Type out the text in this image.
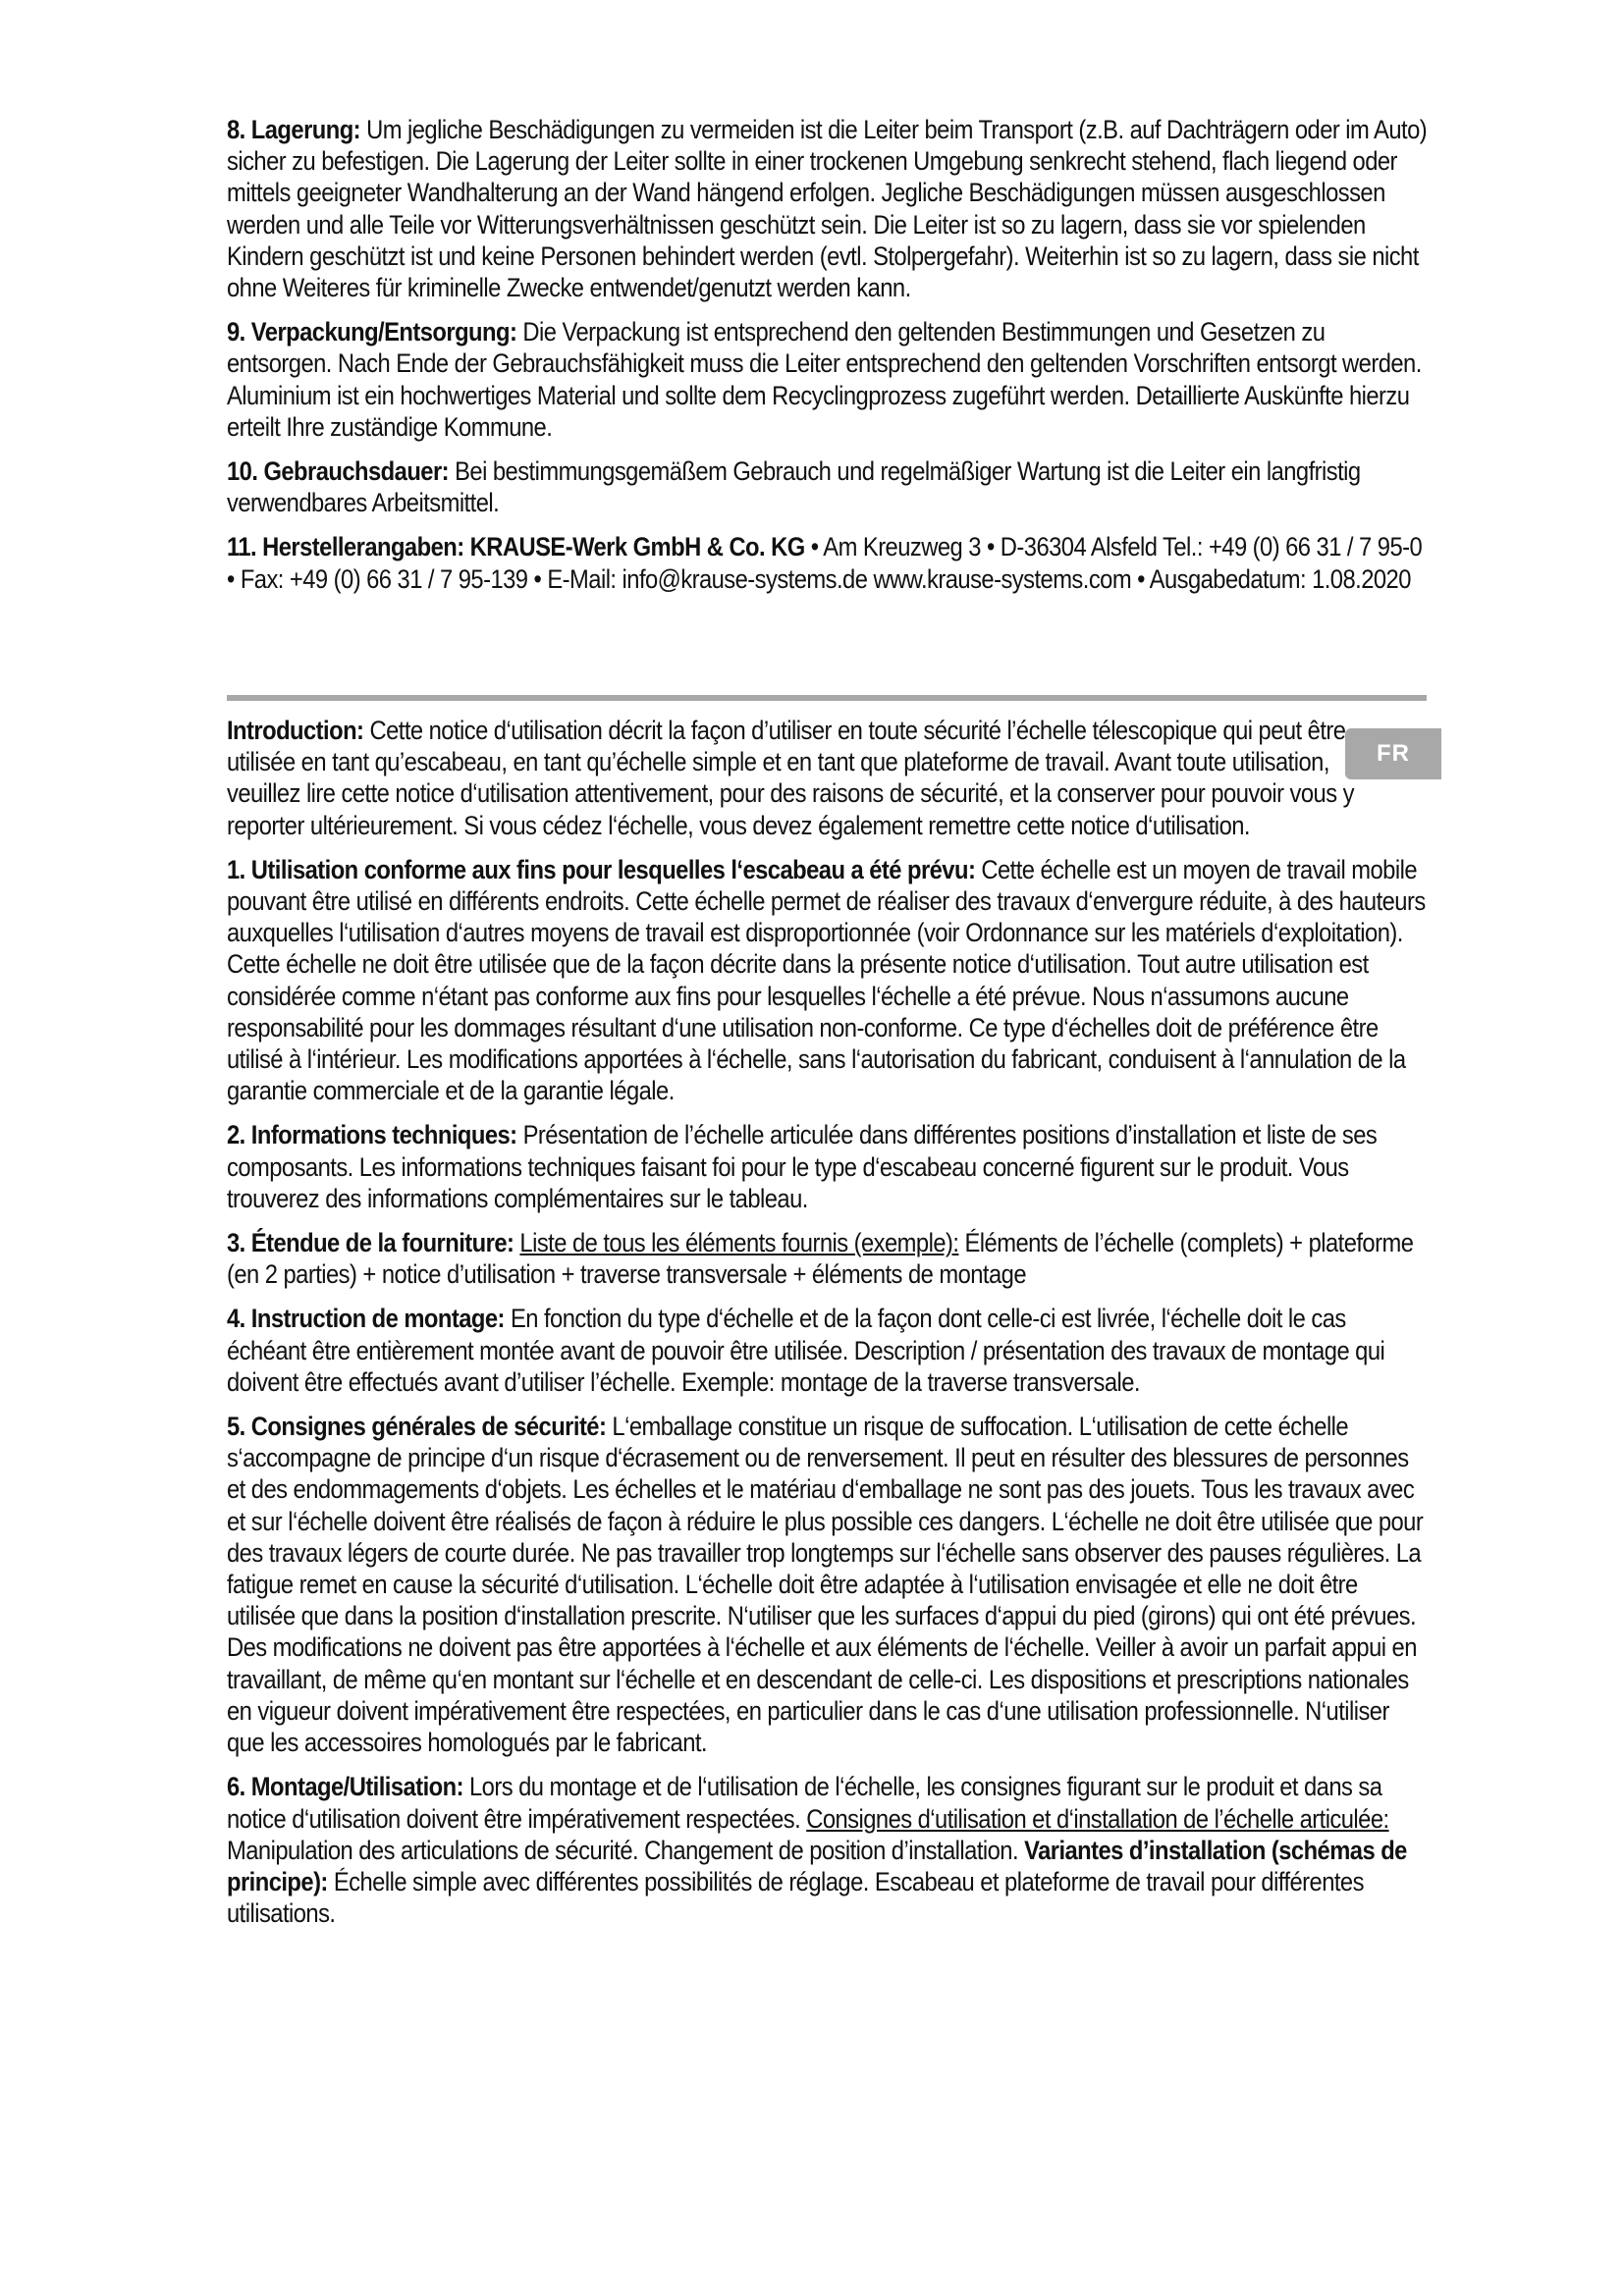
8. Lagerung: Um jegliche Beschädigungen zu vermeiden ist die Leiter beim Transport (z.B. auf Dachträgern oder im Auto) sicher zu befestigen. Die Lagerung der Leiter sollte in einer trockenen Umgebung senkrecht stehend, flach liegend oder mittels geeigneter Wandhalterung an der Wand hängend erfolgen. Jegliche Beschädigungen müssen ausgeschlossen werden und alle Teile vor Witterungsverhältnissen geschützt sein. Die Leiter ist so zu lagern, dass sie vor spielenden Kindern geschützt ist und keine Personen behindert werden (evtl. Stolpergefahr). Weiterhin ist so zu lagern, dass sie nicht ohne Weiteres für kriminelle Zwecke entwendet/genutzt werden kann.

9. Verpackung/Entsorgung: Die Verpackung ist entsprechend den geltenden Bestimmungen und Gesetzen zu entsorgen. Nach Ende der Gebrauchsfähigkeit muss die Leiter entsprechend den geltenden Vorschriften entsorgt werden. Aluminium ist ein hochwertiges Material und sollte dem Recyclingprozess zugeführt werden. Detaillierte Auskünfte hierzu erteilt Ihre zuständige Kommune.

10. Gebrauchsdauer: Bei bestimmungsgemäßem Gebrauch und regelmäßiger Wartung ist die Leiter ein langfristig verwendbares Arbeitsmittel.

11. Herstellerangaben: KRAUSE-Werk GmbH & Co. KG • Am Kreuzweg 3 • D-36304 Alsfeld Tel.: +49 (0) 66 31 / 7 95-0 • Fax: +49 (0) 66 31 / 7 95-139 • E-Mail: info@krause-systems.de www.krause-systems.com • Ausgabedatum: 1.08.2020

FR

Introduction: Cette notice d‘utilisation décrit la façon d’utiliser en toute sécurité l’échelle télescopique qui peut être utilisée en tant qu’escabeau, en tant qu’échelle simple et en tant que plateforme de travail. Avant toute utilisation, veuillez lire cette notice d‘utilisation attentivement, pour des raisons de sécurité, et la conserver pour pouvoir vous y reporter ultérieurement. Si vous cédez l‘échelle, vous devez également remettre cette notice d‘utilisation.

1. Utilisation conforme aux fins pour lesquelles l‘escabeau a été prévu: Cette échelle est un moyen de travail mobile pouvant être utilisé en différents endroits. Cette échelle permet de réaliser des travaux d‘envergure réduite, à des hauteurs auxquelles l‘utilisation d‘autres moyens de travail est disproportionnée (voir Ordonnance sur les matériels d‘exploitation). Cette échelle ne doit être utilisée que de la façon décrite dans la présente notice d‘utilisation. Tout autre utilisation est considérée comme n‘étant pas conforme aux fins pour lesquelles l‘échelle a été prévue. Nous n‘assumons aucune responsabilité pour les dommages résultant d‘une utilisation non-conforme. Ce type d‘échelles doit de préférence être utilisé à l‘intérieur. Les modifications apportées à l‘échelle, sans l‘autorisation du fabricant, conduisent à l‘annulation de la garantie commerciale et de la garantie légale.

2. Informations techniques: Présentation de l’échelle articulée dans différentes positions d’installation et liste de ses composants. Les informations techniques faisant foi pour le type d‘escabeau concerné figurent sur le produit. Vous trouverez des informations complémentaires sur le tableau.

3. Étendue de la fourniture: Liste de tous les éléments fournis (exemple): Éléments de l’échelle (complets) + plateforme (en 2 parties) + notice d’utilisation + traverse transversale + éléments de montage

4. Instruction de montage: En fonction du type d‘échelle et de la façon dont celle-ci est livrée, l‘échelle doit le cas échéant être entièrement montée avant de pouvoir être utilisée. Description / présentation des travaux de montage qui doivent être effectués avant d’utiliser l’échelle. Exemple: montage de la traverse transversale.

5. Consignes générales de sécurité: L‘emballage constitue un risque de suffocation. L‘utilisation de cette échelle s‘accompagne de principe d‘un risque d‘écrasement ou de renversement. Il peut en résulter des blessures de personnes et des endommagements d‘objets. Les échelles et le matériau d‘emballage ne sont pas des jouets. Tous les travaux avec et sur l‘échelle doivent être réalisés de façon à réduire le plus possible ces dangers. L‘échelle ne doit être utilisée que pour des travaux légers de courte durée. Ne pas travailler trop longtemps sur l‘échelle sans observer des pauses régulières. La fatigue remet en cause la sécurité d‘utilisation. L‘échelle doit être adaptée à l‘utilisation envisagée et elle ne doit être utilisée que dans la position d‘installation prescrite. N‘utiliser que les surfaces d‘appui du pied (girons) qui ont été prévues. Des modifications ne doivent pas être apportées à l‘échelle et aux éléments de l‘échelle. Veiller à avoir un parfait appui en travaillant, de même qu‘en montant sur l‘échelle et en descendant de celle-ci. Les dispositions et prescriptions nationales en vigueur doivent impérativement être respectées, en particulier dans le cas d‘une utilisation professionnelle. N‘utiliser que les accessoires homologués par le fabricant.

6. Montage/Utilisation: Lors du montage et de l‘utilisation de l‘échelle, les consignes figurant sur le produit et dans sa notice d‘utilisation doivent être impérativement respectées. Consignes d‘utilisation et d‘installation de l’échelle articulée: Manipulation des articulations de sécurité. Changement de position d’installation. Variantes d’installation (schémas de principe): Échelle simple avec différentes possibilités de réglage. Escabeau et plateforme de travail pour différentes utilisations.
